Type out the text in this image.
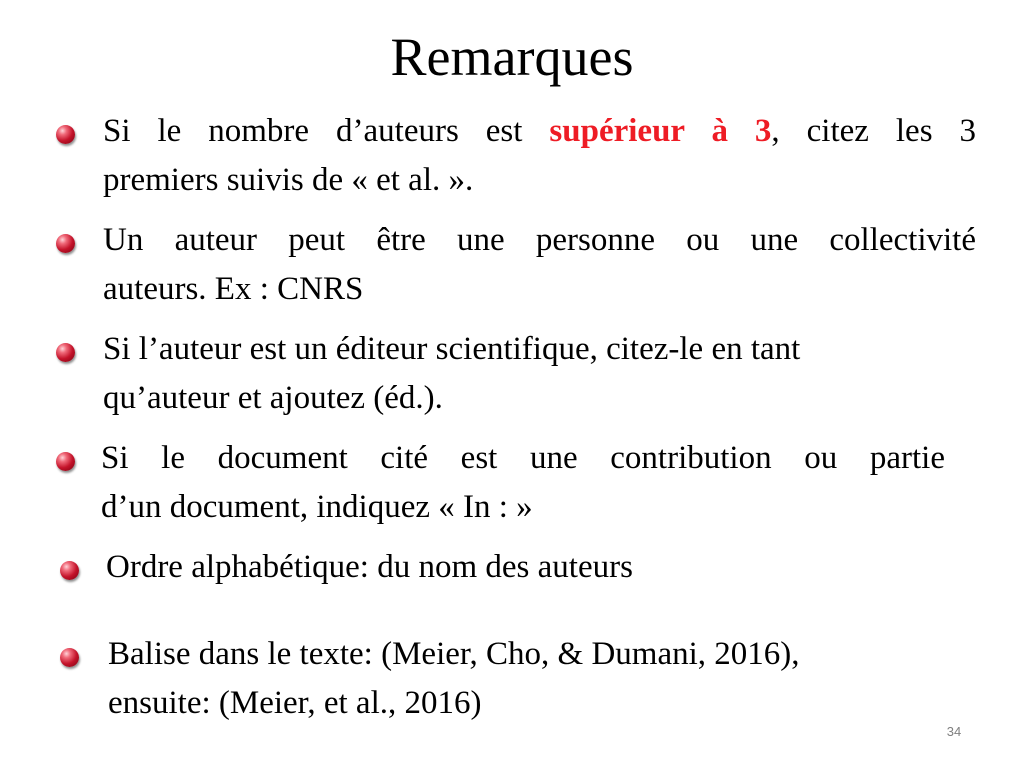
Remarques
Si le nombre d’auteurs est supérieur à 3, citez les 3
premiers suivis de « et al. ».
Un auteur peut être une personne ou une collectivité
auteurs. Ex : CNRS
Si l’auteur est un éditeur scientifique, citez-le en tant
qu’auteur et ajoutez (éd.).
Si le document cité est une contribution ou partie
d’un document, indiquez « In : »
Ordre alphabétique: du nom des auteurs
Balise dans le texte: (Meier, Cho, & Dumani, 2016),
ensuite: (Meier, et al., 2016)
34
